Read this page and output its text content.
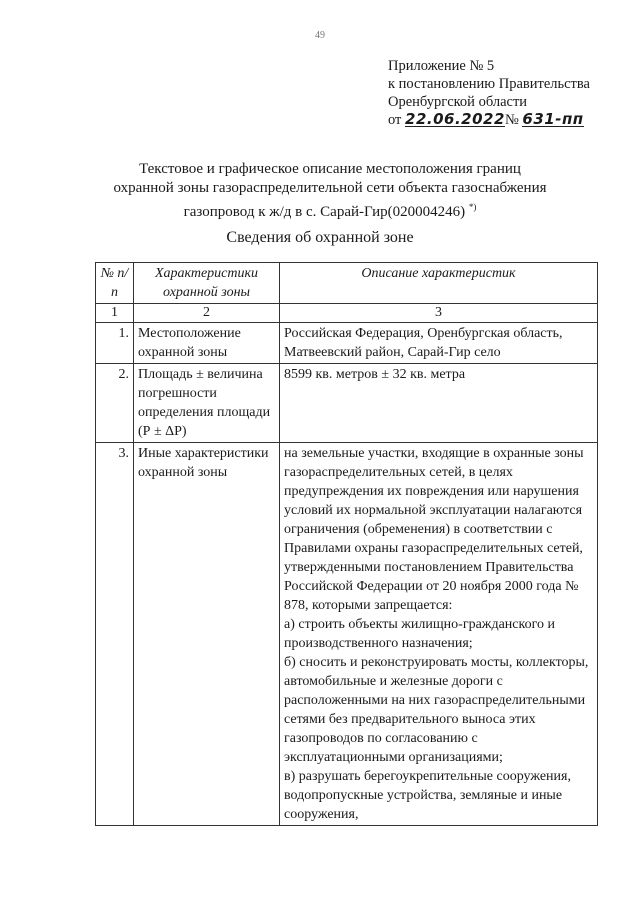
49
Приложение № 5
к постановлению Правительства
Оренбургской области
от 22.06.2022№ 631-пп
Текстовое и графическое описание местоположения границ
охранной зоны газораспределительной сети объекта газоснабжения
газопровод к ж/д в с. Сарай-Гир(020004246) *)
Сведения об охранной зоне
№ п/п	Характеристики охранной зоны	Описание характеристик
1	2	3
1.	Местоположение охранной зоны	Российская Федерация, Оренбургская область, Матвеевский район, Сарай-Гир село

2.	Площадь ± величина погрешности определения площади (Р ± ΔР)	8599 кв. метров ± 32 кв. метра

3.	Иные характеристики охранной зоны	на земельные участки, входящие в охранные зоны газораспределительных сетей, в целях предупреждения их повреждения или нарушения условий их нормальной эксплуатации налагаются ограничения (обременения) в соответствии с Правилами охраны газораспределительных сетей, утвержденными постановлением Правительства Российской Федерации от 20 ноября 2000 года № 878, которыми запрещается:
а) строить объекты жилищно-гражданского и производственного назначения;
б) сносить и реконструировать мосты, коллекторы, автомобильные и железные дороги с расположенными на них газораспределительными сетями без предварительного выноса этих газопроводов по согласованию с эксплуатационными организациями;
в) разрушать берегоукрепительные сооружения, водопропускные устройства, земляные и иные сооружения,
